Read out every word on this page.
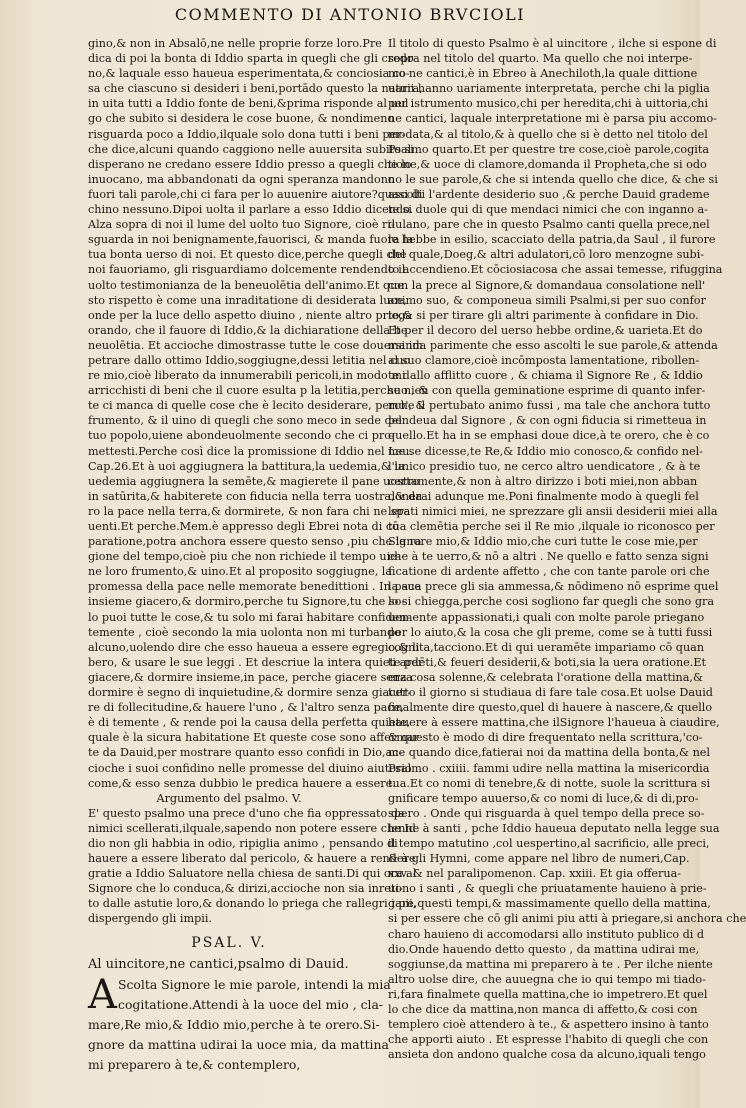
COMMENTO DI ANTONIO BRVCIOLI
gino,& non in Absalō,ne nelle proprie forze loro.Pre
dica di poi la bonta di Iddio sparta in quegli che gli credo
no,& laquale esso haueua esperimentata,& conciosia co-
sa che ciascuno si desideri i beni,portādo questo la natura,
in uita tutti a Iddio fonte de beni,&prima risponde al uul
go che subito si desidera le cose buone, & nondimeno
risguarda poco a Iddio,ilquale solo dona tutti i beni per-
che dice,alcuni quando caggiono nelle auuersita subito si
disperano ne credano essere Iddio presso a quegli che lo
inuocano, ma abbandonati da ogni speranza mandono
fuori tali parole,chi ci fara per lo auuenire aiutore?quasi di
chino nessuno.Dipoi uolta il parlare a esso Iddio dicendo.
Alza sopra di noi il lume del uolto tuo Signore, cioè ri-
sguarda in noi benignamente,fauorisci, & manda fuora la
tua bonta uerso di noi. Et questo dice,perche quegli che
noi fauoriamo, gli risguardiamo dolcemente rendendo il
uolto testimonianza de la beneuolētia dell'animo.Et que
sto rispetto è come una inraditatione di desiderata luce,
onde per la luce dello aspetto diuino , niente altro priega
orando, che il fauore di Iddio,& la dichiaratione della be
neuolētia. Et accioche dimostrasse tutte le cose douersi im
petrare dallo ottimo Iddio,soggiugne,dessi letitia nel cuo
re mio,cioè liberato da innumerabili pericoli,in modo mi
arricchisti di beni che il cuore esulta p la letitia,perche nien
te ci manca di quelle cose che è lecito desiderare, perche il
frumento, & il uino di quegli che sono meco in sede del
tuo popolo,uiene abondeuolmente secondo che ci pro-
mettesti.Perche così dice la promissione di Iddio nel Leu.
Cap.26.Et à uoi aggiugnera la battitura,la uedemia,& la
uedemia aggiugnera la semēte,& magierete il pane uostro
in satūrita,& habiterete con fiducia nella terra uostra,& da
ro la pace nella terra,& dormirete, & non fara chi ne spa
uenti.Et perche.Mem.è appresso degli Ebrei nota di cō
paratione,potra anchora essere questo senso ,piu che la ra
gione del tempo,cioè piu che non richiede il tempo uie-
ne loro frumento,& uino.Et al proposito soggiugne, la
promessa della pace nelle memorate benedittioni . In pace
insieme giacero,& dormiro,perche tu Signore,tu che so-
lo puoi tutte le cose,& tu solo mi farai habitare confiden-
temente , cioè secondo la mia uolonta non mi turbando
alcuno,uolendo dire che esso haueua a essere egregio,& li
bero, & usare le sue leggi . Et descriue la intera quiete per
giacere,& dormire insieme,in pace, perche giacere senza
dormire è segno di inquietudine,& dormire senza giacer-
re di follecitudine,& hauere l'uno , & l'altro senza pace,
è di temente , & rende poi la causa della perfetta quiete,
quale è la sicura habitatione Et queste cose sono affermar
te da Dauid,per mostrare quanto esso confidi in Dio,ac-
cioche i suoi confidino nelle promesse del diuino aiutorio
come,& esso senza dubbio le predica hauere a essere.
Argumento del psalmo. V.
E' questo psalmo una prece d'uno che fia oppressato da
nimici scellerati,ilquale,sapendo non potere essere che Id
dio non gli habbia in odio, ripiglia animo , pensando di
hauere a essere liberato dal pericolo, & hauere a rendere
gratie a Iddio Saluatore nella chiesa de santi.Di qui ora al
Signore che lo conduca,& dirizi,accioche non sia inreti-
to dalle astutie loro,& donando lo priega che rallegri i pii,
dispergendo gli impii.
PSAL. V.
Al uincitore,ne cantici,psalmo di Dauid.
A Scolta Signore le mie parole, intendi la mia
cogitatione.Attendi à la uoce del mio , cla-
mare,Re mio,& Iddio mio,perche à te orero.Si-
gnore da mattina udirai la uoce mia, da mattina
mi preparero à te,& contemplero,
Il titolo di questo Psalmo è al uincitore , ilche si espone di
sopra nel titolo del quarto. Ma quello che noi interpe-
mo ne cantici,è in Ebreo à Anechiloth,la quale dittione
uarii hanno uariamente interpretata, perche chi la piglia
per istrumento musico,chi per heredita,chi à uittoria,chi
ne cantici, laquale interpretatione mi è parsa piu accomo-
modata,& al titolo,& à quello che si è detto nel titolo del
Psalmo quarto.Et per questre tre cose,cioè parole,cogita
tione,& uoce di clamore,domanda il Propheta,che si odo
no le sue parole,& che si intenda quello che dice, & che si
ascolti l'ardente desiderio suo ,& perche Dauid grademe
te si duole qui di que mendaci nimici che con inganno a-
dulano, pare che in questo Psalmo canti quella prece,nel
le hebbe in esilio, scacciato della patria,da Saul , il furore
del quale,Doeg,& altri adulatori,cō loro menzogne subi-
to accendieno.Et cōciosiacosa che assai temesse, rifuggina
con la prece al Signore,& domandaua consolatione nell'
animo suo, & componeua simili Psalmi,si per suo confor
to,& si per tirare gli altri parimente à confidare in Dio.
Et per il decoro del uerso hebbe ordine,& uarieta.Et do
manda parimente che esso ascolti le sue parole,& attenda
al suo clamore,cioè incōmposta lamentatione, ribollen-
te dallo afflitto cuore , & chiama il Signore Re , & Iddio
suo , & con quella geminatione esprime di quanto infer-
mo', & pertubato animo fussi , ma tale che anchora tutto
pendeua dal Signore , & con ogni fiducia si rimetteua in
quello.Et ha in se emphasi doue dice,à te orero, che è co
me se dicesse,te Re,& Iddio mio conosco,& confido nel-
l'unico presidio tuo, ne cerco altro uendicatore , & à te
certamente,& non à altro dirizzo i boti miei,non abban
donerai adunque me.Poni finalmente modo à quegli fel
lerati nimici miei, ne sprezzare gli ansii desiderii miei alla
tua clemētia perche sei il Re mio ,ilquale io riconosco per
Signore mio,& Iddio mio,che curi tutte le cose mie,per
che à te uerro,& nō a altri . Ne quello e fatto senza signi
ficatione di ardente affetto , che con tante parole ori che
la sua prece gli sia ammessa,& nōdimeno nō esprime quel
lo si chiegga,perche cosi sogliono far quegli che sono gra
uemente appassionati,i quali con molte parole priegano
per lo aiuto,& la cosa che gli preme, come se à tutti fussi
cognita,tacciono.Et di qui ueramēte impariamo cō quan
ti ardēti,& feueri desiderii,& boti,sia la uera oratione.Et
era cosa solenne,& celebrata l'oratione della mattina,&
tutto il giorno si studiaua di fare tale cosa.Et uolse Dauid
finalmente dire questo,quel di hauere à nascere,& quello
hauere à essere mattina,che ilSignore l'haueua à ciaudire,
& questo è modo di dire frequentato nella scrittura,'co-
me quando dice,fatierai noi da mattina della bonta,& nel
Psalmo . cxiiii. fammi udire nella mattina la misericordia
tua.Et co nomi di tenebre,& di notte, suole la scrittura si
gnificare tempo auuerso,& co nomi di luce,& di di,pro-
spero . Onde qui risguarda à quel tempo della prece so-
lenne à santi , pche Iddio haueua deputato nella legge sua
il tempo matutino ,col uespertino,al sacrificio, alle preci,
& à gli Hymni, come appare nel libro de numeri,Cap.
xxv. & nel paralipomenon. Cap. xxiii. Et gia offerua-
uono i santi , & quegli che priuatamente hauieno à prie-
gare,questi tempi,& massimamente quello della mattina,
si per essere che cō gli animi piu atti à priegare,si anchora che
charo hauieno di accomodarsi allo instituto publico di d
dio.Onde hauendo detto questo , da mattina udirai me,
soggiunse,da mattina mi preparero à te . Per ilche niente
altro uolse dire, che auuegna che io qui tempo mi tiado-
ri,fara finalmete quella mattina,che io impetrero.Et quel
lo che dice da mattina,non manca di affetto,& cosi con
templero cioè attendero à te., & aspettero insino à tanto
che apporti aiuto . Et espresse l'habito di quegli che con
ansieta don andono qualche cosa da alcuno,iquali tengo
